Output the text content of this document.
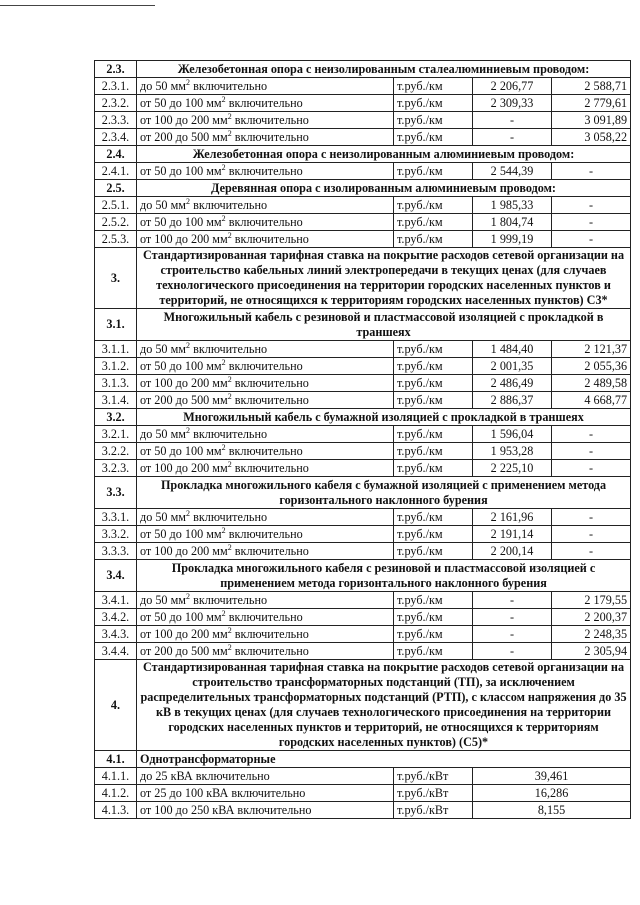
2.3.	Железобетонная опора с неизолированным сталеалюминиевым проводом:			
2.3.1.	до 50 $мм^2$ включительно	т.руб./км	2 206,77	2 588,71
2.3.2.	от 50 до 100 $мм^2$ включительно	т.руб./км	2 309,33	2 779,61
2.3.3.	от 100 до 200 $мм^2$ включительно	т.руб./км	-	3 091,89
2.3.4.	от 200 до 500 $мм^2$ включительно	т.руб./км	-	3 058,22
2.4.	Железобетонная опора с неизолированным алюминиевым проводом:			
2.4.1.	от 50 до 100 $мм^2$ включительно	т.руб./км	2 544,39	-
2.5.	Деревянная опора с изолированным алюминиевым проводом:			
2.5.1.	до 50 $мм^2$ включительно	т.руб./км	1 985,33	-
2.5.2.	от 50 до 100 $мм^2$ включительно	т.руб./км	1 804,74	-
2.5.3.	от 100 до 200 $мм^2$ включительно	т.руб./км	1 999,19	-
3.	Стандартизированная тарифная ставка на покрытие расходов сетевой организации на строительство кабельных линий электропередачи в текущих ценах (для случаев технологического присоединения на территории городских населенных пунктов и территорий, не относящихся к территориям городских населенных пунктов) С3*			
3.1.	Многожильный кабель с резиновой и пластмассовой изоляцией с прокладкой в траншеях			
3.1.1.	до 50 $мм^2$ включительно	т.руб./км	1 484,40	2 121,37
3.1.2.	от 50 до 100 $мм^2$ включительно	т.руб./км	2 001,35	2 055,36
3.1.3.	от 100 до 200 $мм^2$ включительно	т.руб./км	2 486,49	2 489,58
3.1.4.	от 200 до 500 $мм^2$ включительно	т.руб./км	2 886,37	4 668,77
3.2.	Многожильный кабель с бумажной изоляцией с прокладкой в траншеях			
3.2.1.	до 50 $мм^2$ включительно	т.руб./км	1 596,04	-
3.2.2.	от 50 до 100 $мм^2$ включительно	т.руб./км	1 953,28	-
3.2.3.	от 100 до 200 $мм^2$ включительно	т.руб./км	2 225,10	-
3.3.	Прокладка многожильного кабеля с бумажной изоляцией с применением метода горизонтального наклонного бурения			
3.3.1.	до 50 $мм^2$ включительно	т.руб./км	2 161,96	-
3.3.2.	от 50 до 100 $мм^2$ включительно	т.руб./км	2 191,14	-
3.3.3.	от 100 до 200 $мм^2$ включительно	т.руб./км	2 200,14	-
3.4.	Прокладка многожильного кабеля с резиновой и пластмассовой изоляцией с применением метода горизонтального наклонного бурения			
3.4.1.	до 50 $мм^2$ включительно	т.руб./км	-	2 179,55
3.4.2.	от 50 до 100 $мм^2$ включительно	т.руб./км	-	2 200,37
3.4.3.	от 100 до 200 $мм^2$ включительно	т.руб./км	-	2 248,35
3.4.4.	от 200 до 500 $мм^2$ включительно	т.руб./км	-	2 305,94
4.	Стандартизированная тарифная ставка на покрытие расходов сетевой организации на строительство трансформаторных подстанций (ТП), за исключением распределительных трансформаторных подстанций (РТП), с классом напряжения до 35 кВ в текущих ценах (для случаев технологического присоединения на территории городских населенных пунктов и территорий, не относящихся к территориям городских населенных пунктов) (С5)*			
4.1.	Однотрансформаторные			
4.1.1.	до 25 кВА включительно	т.руб./кВт	39,461	
4.1.2.	от 25 до 100 кВА включительно	т.руб./кВт	16,286	
4.1.3.	от 100 до 250 кВА включительно	т.руб./кВт	8,155	
